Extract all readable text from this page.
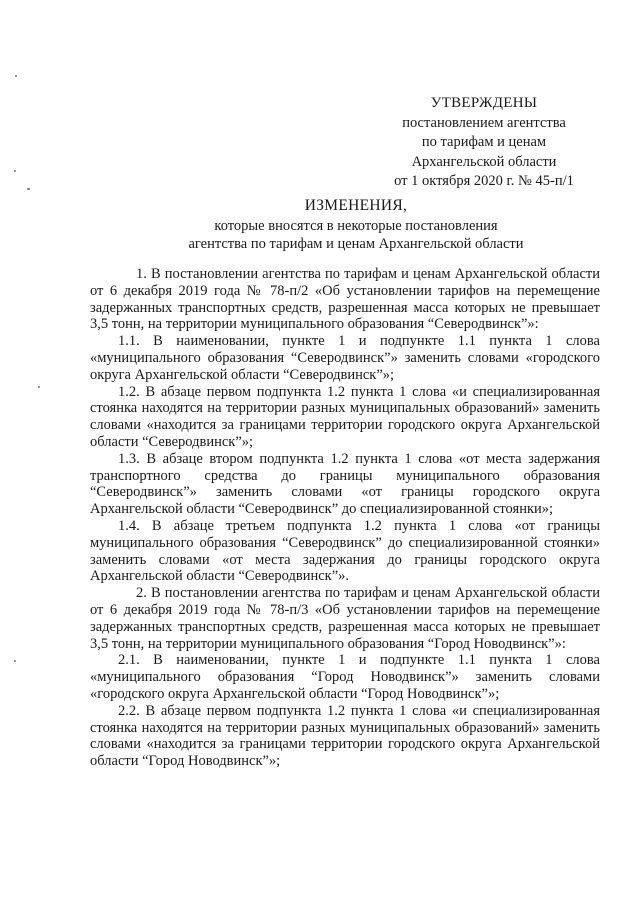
УТВЕРЖДЕНЫ
постановлением агентства
по тарифам и ценам
Архангельской области
от 1 октября 2020 г. № 45-п/1
ИЗМЕНЕНИЯ,
которые вносятся в некоторые постановления
агентства по тарифам и ценам Архангельской области

1. В постановлении агентства по тарифам и ценам Архангельской области от 6 декабря 2019 года № 78-п/2 «Об установлении тарифов на перемещение задержанных транспортных средств, разрешенная масса которых не превышает 3,5 тонн, на территории муниципального образования “Северодвинск”»:

1.1. В наименовании, пункте 1 и подпункте 1.1 пункта 1 слова «муниципального образования “Северодвинск”» заменить словами «городского округа Архангельской области “Северодвинск”»;

1.2. В абзаце первом подпункта 1.2 пункта 1 слова «и специализированная стоянка находятся на территории разных муниципальных образований» заменить словами «находится за границами территории городского округа Архангельской области “Северодвинск”»;

1.3. В абзаце втором подпункта 1.2 пункта 1 слова «от места задержания транспортного средства до границы муниципального образования “Северодвинск”» заменить словами «от границы городского округа Архангельской области “Северодвинск” до специализированной стоянки»;

1.4. В абзаце третьем подпункта 1.2 пункта 1 слова «от границы муниципального образования “Северодвинск” до специализированной стоянки» заменить словами «от места задержания до границы городского округа Архангельской области “Северодвинск”».

2. В постановлении агентства по тарифам и ценам Архангельской области от 6 декабря 2019 года № 78-п/3 «Об установлении тарифов на перемещение задержанных транспортных средств, разрешенная масса которых не превышает 3,5 тонн, на территории муниципального образования “Город Новодвинск”»:

2.1. В наименовании, пункте 1 и подпункте 1.1 пункта 1 слова «муниципального образования “Город Новодвинск”» заменить словами «городского округа Архангельской области “Город Новодвинск”»;

2.2. В абзаце первом подпункта 1.2 пункта 1 слова «и специализированная стоянка находятся на территории разных муниципальных образований» заменить словами «находится за границами территории городского округа Архангельской области “Город Новодвинск”»;
